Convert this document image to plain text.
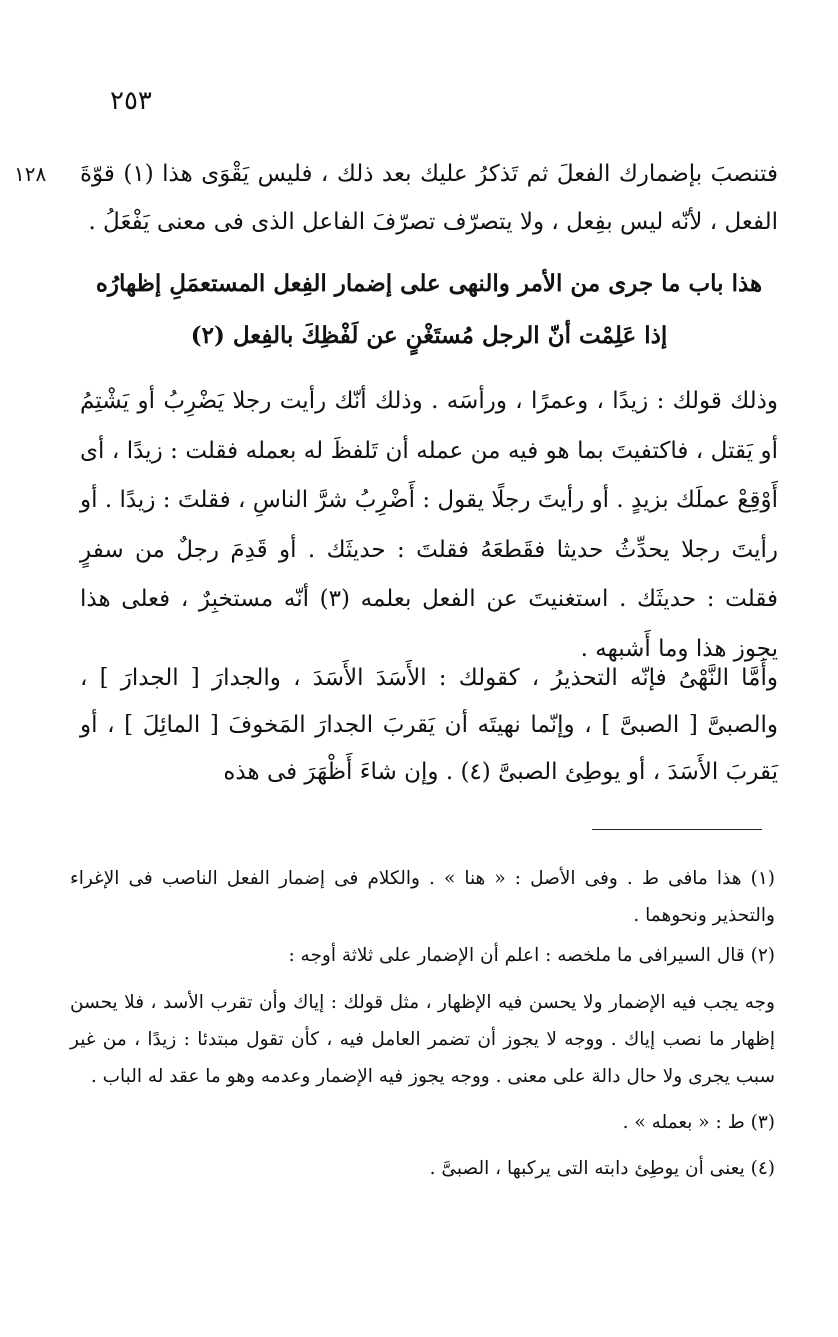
٢٥٣
١٢٨	فتنصبَ بإضمارك الفعلَ ثم تَذكرُ عليك بعد ذلك ، فليس يَقْوَى هذا (١) قوّةَ الفعل ، لأنّه ليس بفِعل ، ولا يتصرّف تصرّفَ الفاعل الذى فى معنى يَفْعَلُ .
هذا باب ما جرى من الأمر والنهى على إضمار الفِعل المستعمَلِ إظهارُه
إذا عَلِمْت أنّ الرجل مُستَغْنٍ عن لَفْظِكَ بالفِعل (٢)
وذلك قولك : زيدًا ، وعمرًا ، ورأسَه . وذلك أنّك رأيت رجلا يَضْرِبُ أو يَشْتِمُ أو يَقتل ، فاكتفيتَ بما هو فيه من عمله أن تَلفظَ له بعمله فقلت : زيدًا ، أى أَوْقِعْ عملَك بزيدٍ . أو رأيتَ رجلًا يقول : أَضْرِبُ شرَّ الناسِ ، فقلتَ : زيدًا . أو رأيتَ رجلا يحدِّثُ حديثا فقَطعَهُ فقلتَ : حديثَك . أو قَدِمَ رجلٌ من سفرٍ فقلت : حديثَك . استغنيتَ عن الفعل بعلمه (٣) أنّه مستخبِرٌ ، فعلى هذا يجوز هذا وما أَشبهه .
وأَمَّا النَّهْىُ فإنّه التحذيرُ ، كقولك : الأَسَدَ الأَسَدَ ، والجدارَ [ الجدارَ ] ، والصبىَّ [ الصبىَّ ] ، وإنّما نهيتَه أن يَقربَ الجدارَ المَخوفَ [ المائِلَ ] ، أو يَقربَ الأَسَدَ ، أو يوطِئ الصبىَّ (٤) . وإن شاءَ أَظْهَرَ فى هذه

(١) هذا مافى ط . وفى الأصل : « هنا » . والكلام فى إضمار الفعل الناصب فى الإغراء والتحذير ونحوهما .

(٢) قال السيرافى ما ملخصه : اعلم أن الإضمار على ثلاثة أوجه :

وجه يجب فيه الإضمار ولا يحسن فيه الإظهار ، مثل قولك : إياك وأن تقرب الأسد ، فلا يحسن إظهار ما نصب إياك . ووجه لا يجوز أن تضمر العامل فيه ، كأن تقول مبتدئا : زيدًا ، من غير سبب يجرى ولا حال دالة على معنى . ووجه يجوز فيه الإضمار وعدمه وهو ما عقد له الباب .

(٣) ط : « بعمله » .

(٤) يعنى أن يوطِئ دابته التى يركبها ، الصبىَّ .
